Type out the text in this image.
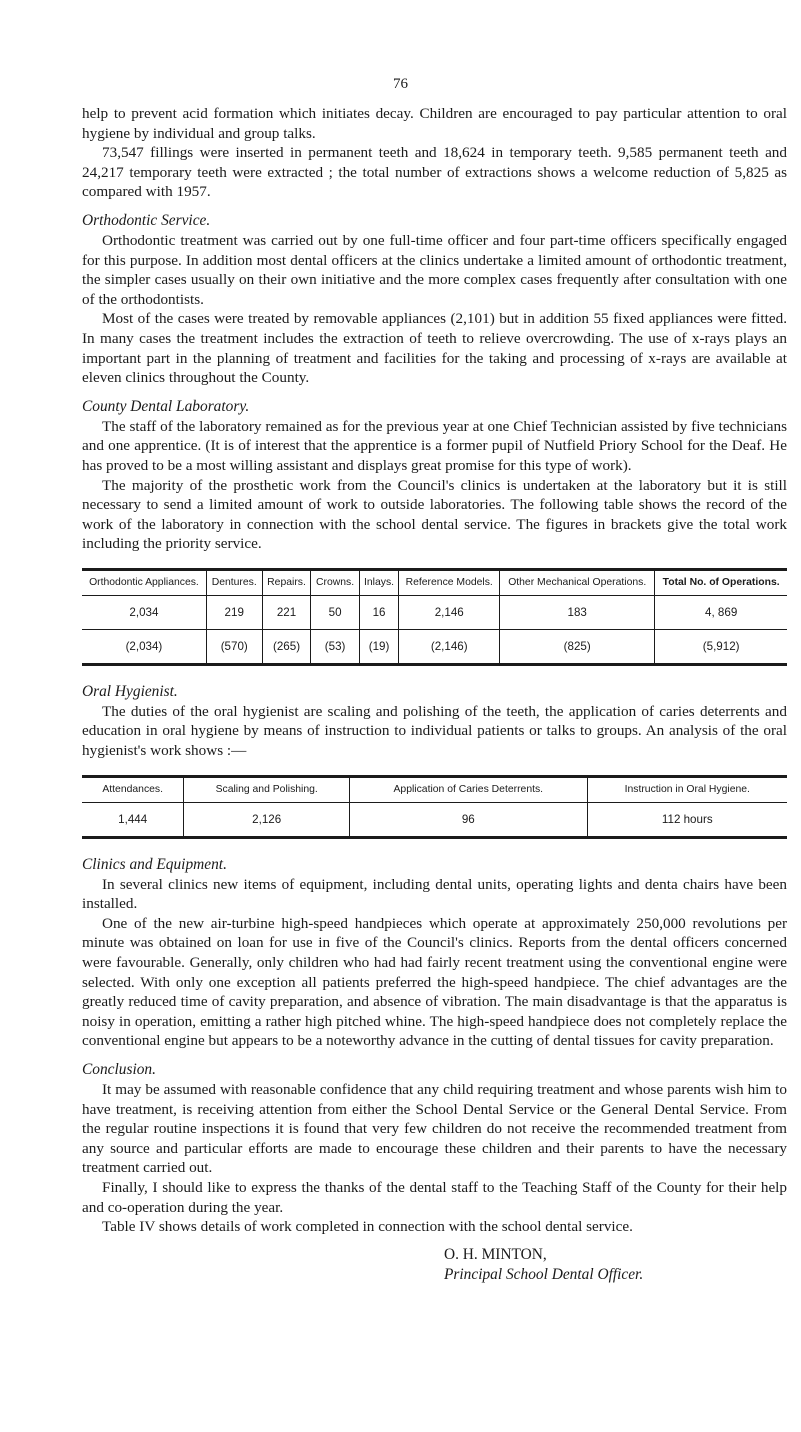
76

help to prevent acid formation which initiates decay. Children are encouraged to pay particular attention to oral hygiene by individual and group talks.

73,547 fillings were inserted in permanent teeth and 18,624 in temporary teeth. 9,585 permanent teeth and 24,217 temporary teeth were extracted ; the total number of extractions shows a welcome reduction of 5,825 as compared with 1957.

Orthodontic Service.

Orthodontic treatment was carried out by one full-time officer and four part-time officers specifically engaged for this purpose. In addition most dental officers at the clinics undertake a limited amount of orthodontic treatment, the simpler cases usually on their own initiative and the more complex cases frequently after consultation with one of the orthodontists.

Most of the cases were treated by removable appliances (2,101) but in addition 55 fixed appliances were fitted. In many cases the treatment includes the extraction of teeth to relieve overcrowding. The use of x-rays plays an important part in the planning of treatment and facilities for the taking and processing of x-rays are available at eleven clinics throughout the County.

County Dental Laboratory.

The staff of the laboratory remained as for the previous year at one Chief Technician assisted by five technicians and one apprentice. (It is of interest that the apprentice is a former pupil of Nutfield Priory School for the Deaf. He has proved to be a most willing assistant and displays great promise for this type of work).

The majority of the prosthetic work from the Council's clinics is undertaken at the laboratory but it is still necessary to send a limited amount of work to outside laboratories. The following table shows the record of the work of the laboratory in connection with the school dental service. The figures in brackets give the total work including the priority service.

Orthodontic Appliances.	Dentures.	Repairs.	Crowns.	Inlays.	Reference Models.	Other Mechanical Operations.	Total No. of Operations.
2,034	219	221	50	16	2,146	183	4, 869
(2,034)	(570)	(265)	(53)	(19)	(2,146)	(825)	(5,912)
Oral Hygienist.

The duties of the oral hygienist are scaling and polishing of the teeth, the application of caries deterrents and education in oral hygiene by means of instruction to individual patients or talks to groups. An analysis of the oral hygienist's work shows :—

Attendances.	Scaling and Polishing.	Application of Caries Deterrents.	Instruction in Oral Hygiene.
1,444	2,126	96	112 hours
Clinics and Equipment.

In several clinics new items of equipment, including dental units, operating lights and denta chairs have been installed.

One of the new air-turbine high-speed handpieces which operate at approximately 250,000 revolutions per minute was obtained on loan for use in five of the Council's clinics. Reports from the dental officers concerned were favourable. Generally, only children who had had fairly recent treatment using the conventional engine were selected. With only one exception all patients preferred the high-speed handpiece. The chief advantages are the greatly reduced time of cavity preparation, and absence of vibration. The main disadvantage is that the apparatus is noisy in operation, emitting a rather high pitched whine. The high-speed handpiece does not completely replace the conventional engine but appears to be a noteworthy advance in the cutting of dental tissues for cavity preparation.

Conclusion.

It may be assumed with reasonable confidence that any child requiring treatment and whose parents wish him to have treatment, is receiving attention from either the School Dental Service or the General Dental Service. From the regular routine inspections it is found that very few children do not receive the recommended treatment from any source and particular efforts are made to encourage these children and their parents to have the necessary treatment carried out.

Finally, I should like to express the thanks of the dental staff to the Teaching Staff of the County for their help and co-operation during the year.

Table IV shows details of work completed in connection with the school dental service.

O. H. MINTON,
Principal School Dental Officer.
